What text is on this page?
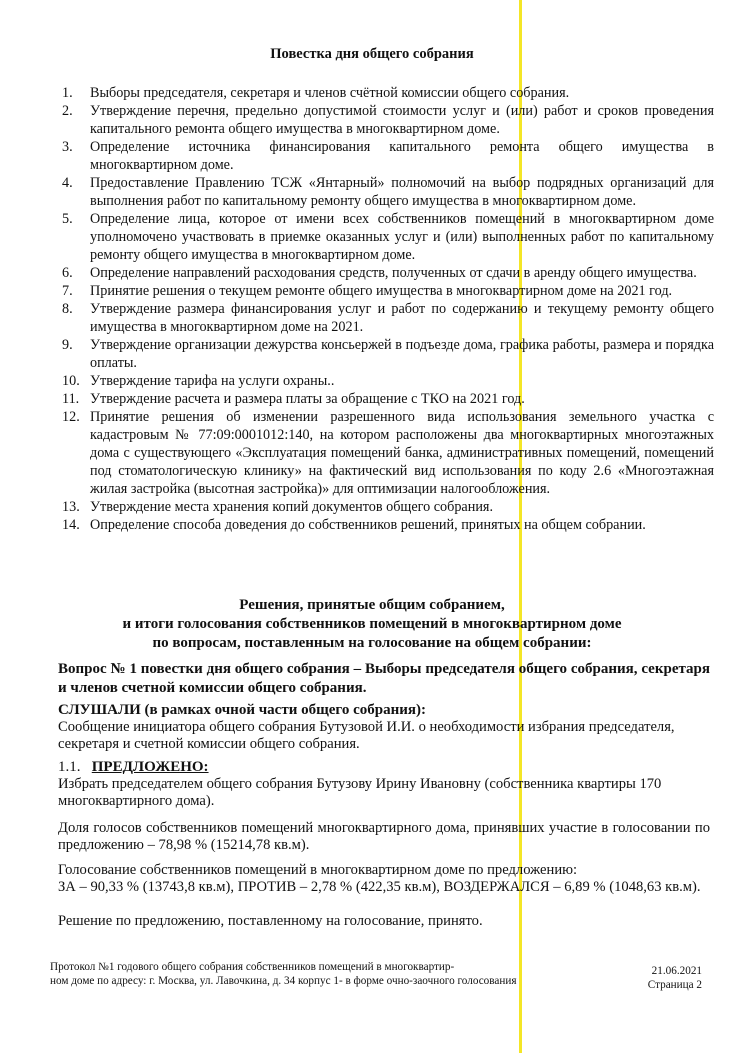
Повестка дня общего собрания
1.	Выборы председателя, секретаря и членов счётной комиссии общего собрания.
2.	Утверждение перечня, предельно допустимой стоимости услуг и (или) работ и сроков проведения капитального ремонта общего имущества в многоквартирном доме.
3.	Определение источника финансирования капитального ремонта общего имущества в многоквартирном доме.
4.	Предоставление Правлению ТСЖ «Янтарный» полномочий на выбор подрядных организаций для выполнения работ по капитальному ремонту общего имущества в многоквартирном доме.
5.	Определение лица, которое от имени всех собственников помещений в многоквартирном доме уполномочено участвовать в приемке оказанных услуг и (или) выполненных работ по капитальному ремонту общего имущества в многоквартирном доме.
6.	Определение направлений расходования средств, полученных от сдачи в аренду общего имущества.
7.	Принятие решения о текущем ремонте общего имущества в многоквартирном доме на 2021 год.
8.	Утверждение размера финансирования услуг и работ по содержанию и текущему ремонту общего имущества в многоквартирном доме на 2021.
9.	Утверждение организации дежурства консьержей в подъезде дома, графика работы, размера и порядка оплаты.
10. Утверждение тарифа на услуги охраны..
11. Утверждение расчета и размера платы за обращение с ТКО на 2021 год.
12. Принятие решения об изменении разрешенного вида использования земельного участка с кадастровым № 77:09:0001012:140, на котором расположены два многоквартирных многоэтажных дома с существующего «Эксплуатация помещений банка, административных помещений, помещений под стоматологическую клинику» на фактический вид использования по коду 2.6 «Многоэтажная жилая застройка (высотная застройка)» для оптимизации налогообложения.
13. Утверждение места хранения копий документов общего собрания.
14. Определение способа доведения до собственников решений, принятых на общем собрании.
Решения, принятые общим собранием,
и итоги голосования собственников помещений в многоквартирном доме
по вопросам, поставленным на голосование на общем собрании:
Вопрос № 1 повестки дня общего собрания – Выборы председателя общего собрания, секретаря и членов счетной комиссии общего собрания.
СЛУШАЛИ (в рамках очной части общего собрания):
Сообщение инициатора общего собрания Бутузовой И.И. о необходимости избрания председателя, секретаря и счетной комиссии общего собрания.
1.1. ПРЕДЛОЖЕНО:
Избрать председателем общего собрания Бутузову Ирину Ивановну (собственника квартиры 170 многоквартирного дома).
Доля голосов собственников помещений многоквартирного дома, принявших участие в голосовании по предложению – 78,98 % (15214,78 кв.м).
Голосование собственников помещений в многоквартирном доме по предложению:
ЗА – 90,33 % (13743,8 кв.м), ПРОТИВ – 2,78 % (422,35 кв.м), ВОЗДЕРЖАЛСЯ – 6,89 % (1048,63 кв.м).
Решение по предложению, поставленному на голосование, принято.
Протокол №1 годового общего собрания собственников помещений в многоквартир-
ном доме по адресу: г. Москва, ул. Лавочкина, д. 34 корпус 1- в форме очно-заочного голосования
21.06.2021
Страница 2
